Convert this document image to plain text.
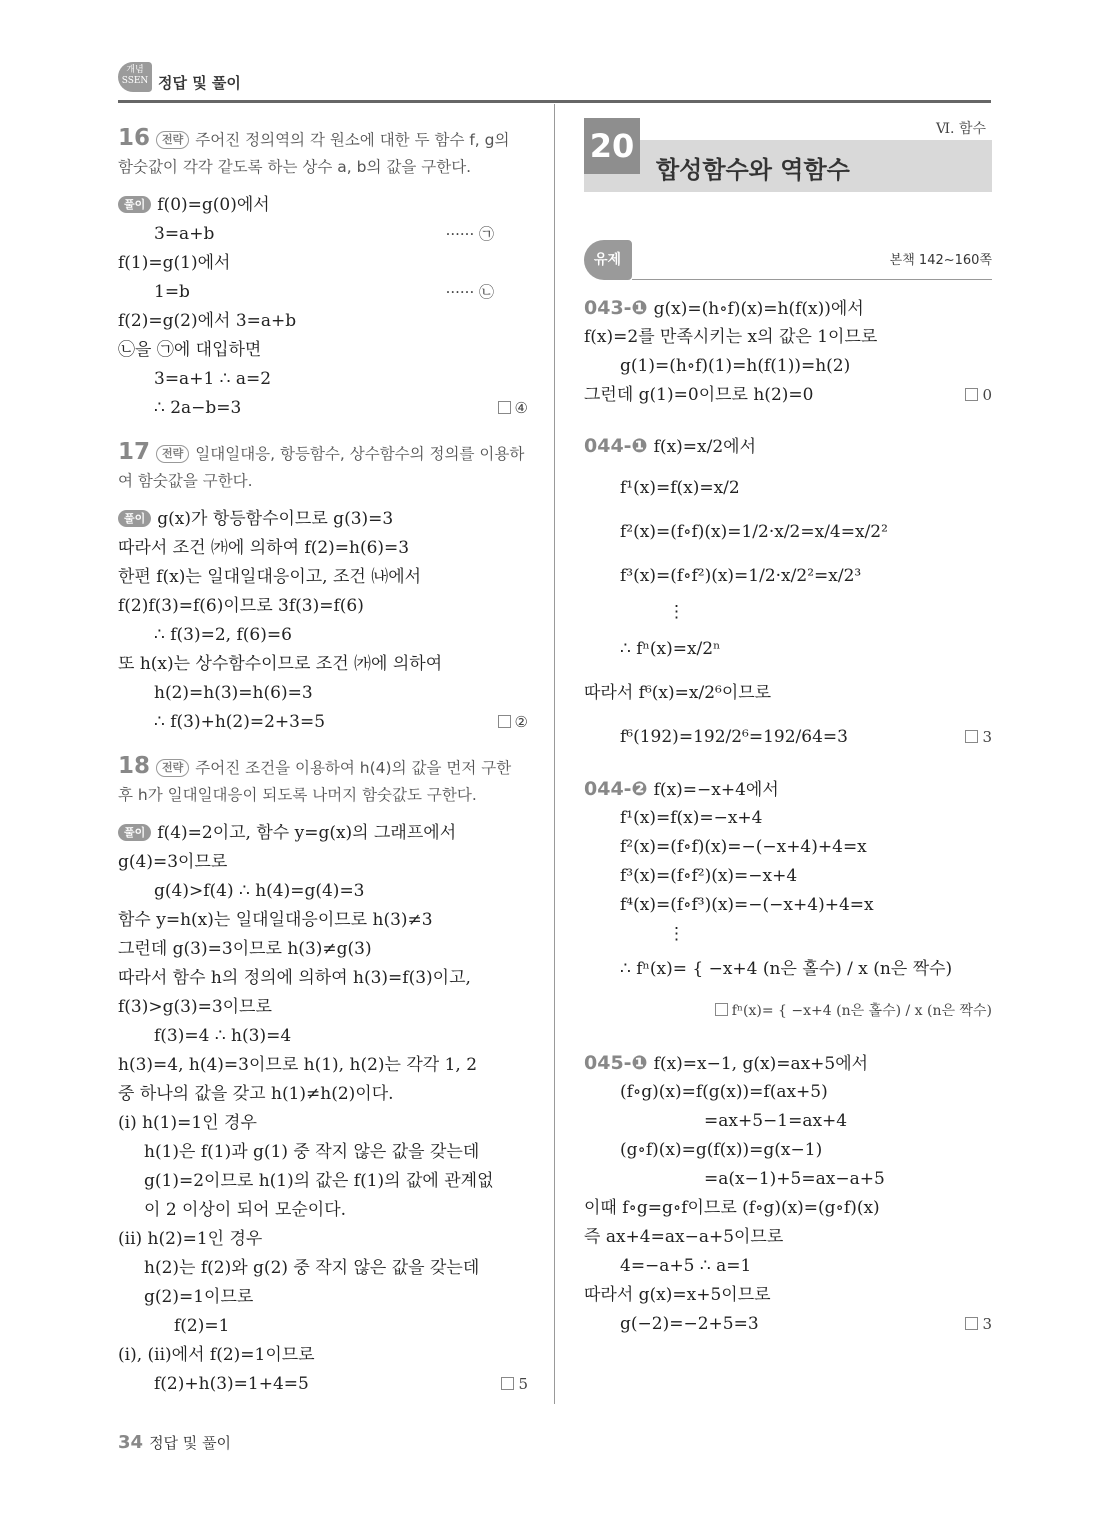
개념
SSEN 정답 및 풀이
16 전략 주어진 정의역의 각 원소에 대한 두 함수 f, g의 함숫값이 각각 같도록 하는 상수 a, b의 값을 구한다.
풀이 f(0)=g(0)에서
3=a+b	······ ㉠
f(1)=g(1)에서
1=b	······ ㉡
f(2)=g(2)에서 3=a+b
㉡을 ㉠에 대입하면
3=a+1 ∴ a=2
∴ 2a−b=3	④
17 전략 일대일대응, 항등함수, 상수함수의 정의를 이용하여 함숫값을 구한다.
풀이 g(x)가 항등함수이므로 g(3)=3
따라서 조건 ㈎에 의하여 f(2)=h(6)=3
한편 f(x)는 일대일대응이고, 조건 ㈏에서
f(2)f(3)=f(6)이므로 3f(3)=f(6)
∴ f(3)=2, f(6)=6
또 h(x)는 상수함수이므로 조건 ㈎에 의하여
h(2)=h(3)=h(6)=3
∴ f(3)+h(2)=2+3=5	②
18 전략 주어진 조건을 이용하여 h(4)의 값을 먼저 구한 후 h가 일대일대응이 되도록 나머지 함숫값도 구한다.
풀이 f(4)=2이고, 함수 y=g(x)의 그래프에서
g(4)=3이므로
g(4)>f(4) ∴ h(4)=g(4)=3
함수 y=h(x)는 일대일대응이므로 h(3)≠3
그런데 g(3)=3이므로 h(3)≠g(3)
따라서 함수 h의 정의에 의하여 h(3)=f(3)이고,
f(3)>g(3)=3이므로
f(3)=4 ∴ h(3)=4
h(3)=4, h(4)=3이므로 h(1), h(2)는 각각 1, 2
중 하나의 값을 갖고 h(1)≠h(2)이다.
(i) h(1)=1인 경우
h(1)은 f(1)과 g(1) 중 작지 않은 값을 갖는데
g(1)=2이므로 h(1)의 값은 f(1)의 값에 관계없
이 2 이상이 되어 모순이다.
(ii) h(2)=1인 경우
h(2)는 f(2)와 g(2) 중 작지 않은 값을 갖는데
g(2)=1이므로
f(2)=1
(i), (ii)에서 f(2)=1이므로
f(2)+h(3)=1+4=5	5
20
합성함수와 역함수
Ⅵ. 함수
유제	본책 142~160쪽
043-❶ g(x)=(h∘f)(x)=h(f(x))에서
f(x)=2를 만족시키는 x의 값은 1이므로
g(1)=(h∘f)(1)=h(f(1))=h(2)
그런데 g(1)=0이므로 h(2)=0	0
044-❶ f(x)=x/2에서
f¹(x)=f(x)=x/2
f²(x)=(f∘f)(x)=1/2·x/2=x/4=x/2²
f³(x)=(f∘f²)(x)=1/2·x/2²=x/2³
⋮
∴ fⁿ(x)=x/2ⁿ
따라서 f⁶(x)=x/2⁶이므로
f⁶(192)=192/2⁶=192/64=3	3
044-❷ f(x)=−x+4에서
f¹(x)=f(x)=−x+4
f²(x)=(f∘f)(x)=−(−x+4)+4=x
f³(x)=(f∘f²)(x)=−x+4
f⁴(x)=(f∘f³)(x)=−(−x+4)+4=x
⋮
∴ fⁿ(x)= { −x+4 (n은 홀수) / x (n은 짝수)
fⁿ(x)= { −x+4 (n은 홀수) / x (n은 짝수)
045-❶ f(x)=x−1, g(x)=ax+5에서
(f∘g)(x)=f(g(x))=f(ax+5)
=ax+5−1=ax+4
(g∘f)(x)=g(f(x))=g(x−1)
=a(x−1)+5=ax−a+5
이때 f∘g=g∘f이므로 (f∘g)(x)=(g∘f)(x)
즉 ax+4=ax−a+5이므로
4=−a+5 ∴ a=1
따라서 g(x)=x+5이므로
g(−2)=−2+5=3	3
34 정답 및 풀이
